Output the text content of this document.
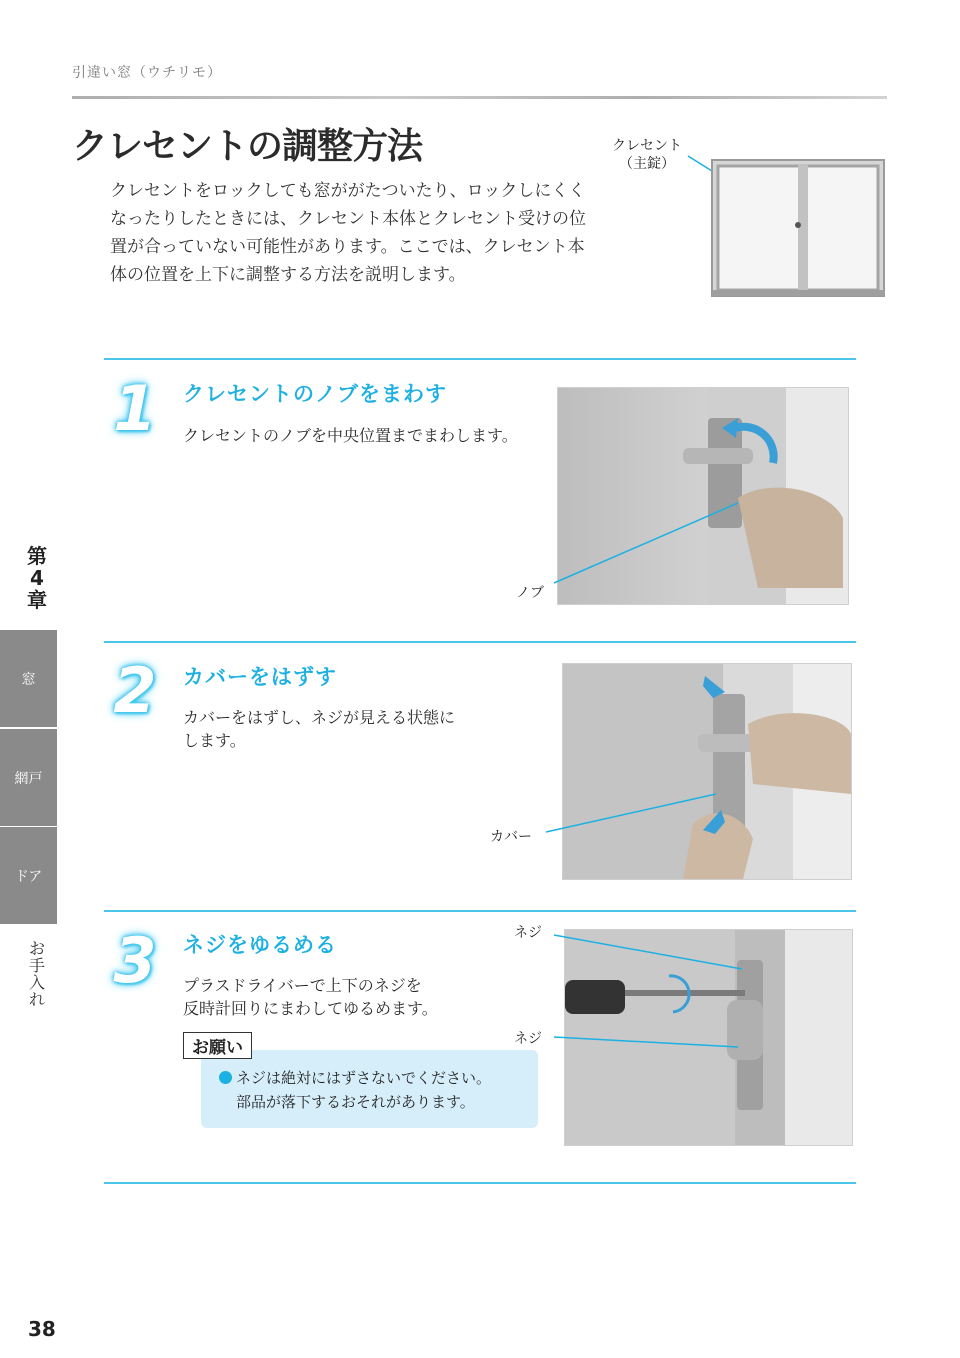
引違い窓（ウチリモ）
クレセントの調整方法
クレセントをロックしても窓ががたついたり、ロックしにくく
なったりしたときには、クレセント本体とクレセント受けの位
置が合っていない可能性があります。ここでは、クレセント本
体の位置を上下に調整する方法を説明します。
クレセント
（主錠）
1 クレセントのノブをまわす
クレセントのノブを中央位置までまわします。
ノブ
2 カバーをはずす
カバーをはずし、ネジが見える状態に
します。
カバー
3 ネジをゆるめる
プラスドライバーで上下のネジを
反時計回りにまわしてゆるめます。
ネジ
ネジ
お願い
ネジは絶対にはずさないでください。
部品が落下するおそれがあります。
第
4
章
窓
網戸
ドア
お
手
入
れ
38
